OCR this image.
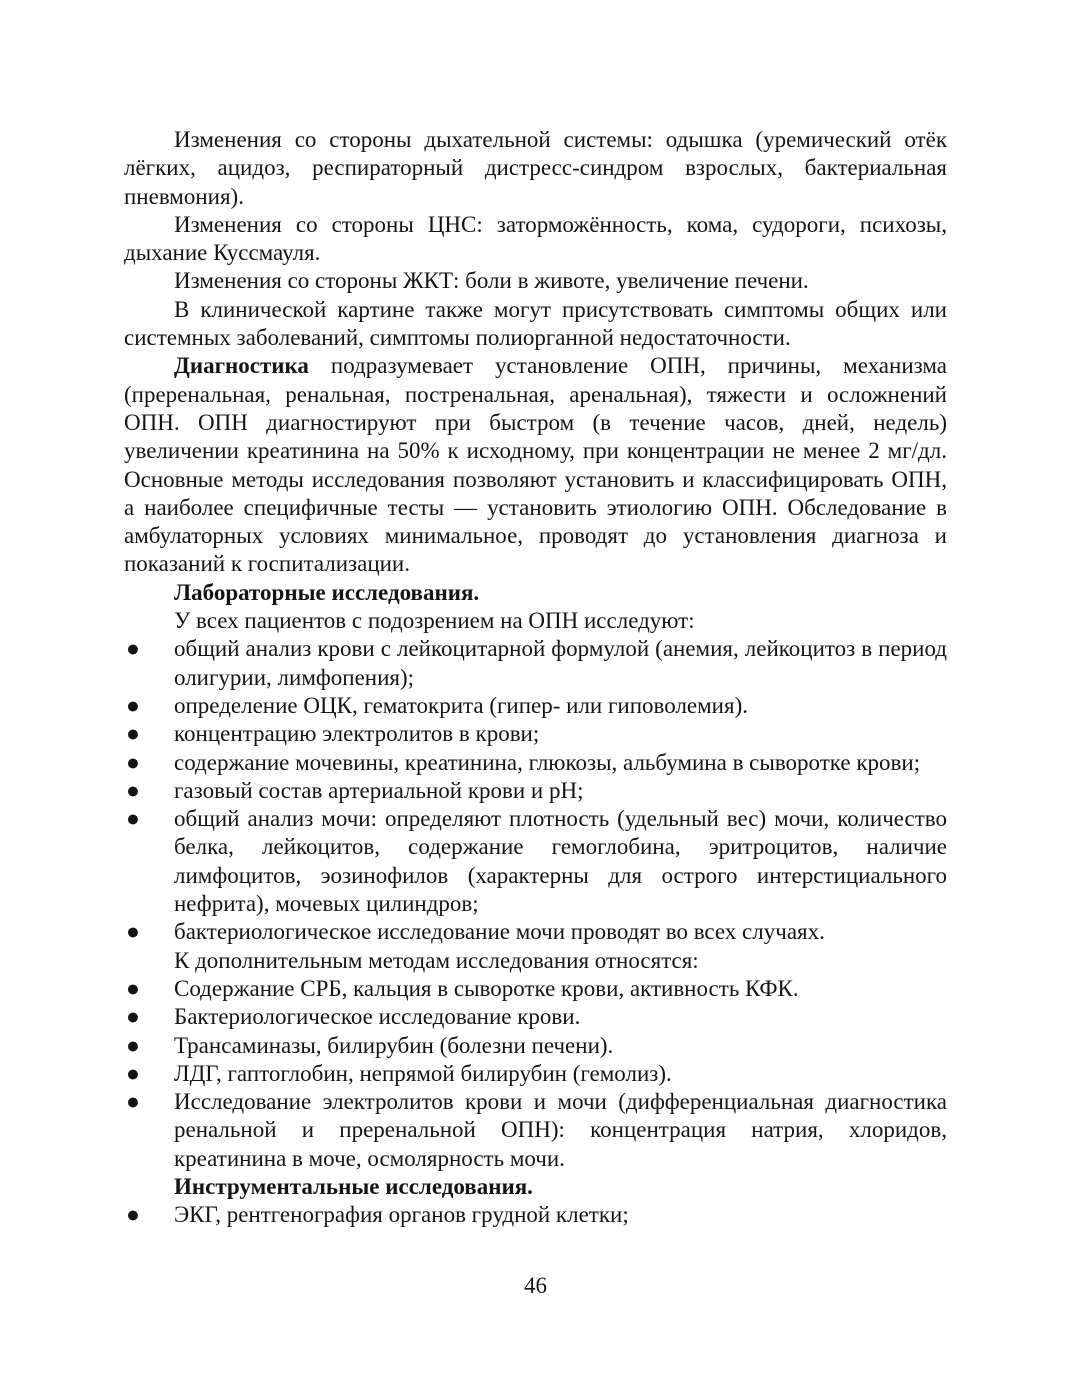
Изменения со стороны дыхательной системы: одышка (уремический отёк лёгких, ацидоз, респираторный дистресс-синдром взрослых, бактериальная пневмония).

Изменения со стороны ЦНС: заторможённость, кома, судороги, психозы, дыхание Куссмауля.

Изменения со стороны ЖКТ: боли в животе, увеличение печени.

В клинической картине также могут присутствовать симптомы общих или системных заболеваний, симптомы полиорганной недостаточности.

Диагностика подразумевает установление ОПН, причины, механизма (преренальная, ренальная, постренальная, аренальная), тяжести и осложнений ОПН. ОПН диагностируют при быстром (в течение часов, дней, недель) увеличении креатинина на 50% к исходному, при концентрации не менее 2 мг/дл. Основные методы исследования позволяют установить и классифицировать ОПН, а наиболее специфичные тесты — установить этиологию ОПН. Обследование в амбулаторных условиях минимальное, проводят до установления диагноза и показаний к госпитализации.

Лабораторные исследования.

У всех пациентов с подозрением на ОПН исследуют:

● общий анализ крови с лейкоцитарной формулой (анемия, лейкоцитоз в период олигурии, лимфопения);
● определение ОЦК, гематокрита (гипер- или гиповолемия).
● концентрацию электролитов в крови;
● содержание мочевины, креатинина, глюкозы, альбумина в сыворотке крови;
● газовый состав артериальной крови и рН;
● общий анализ мочи: определяют плотность (удельный вес) мочи, количество белка, лейкоцитов, содержание гемоглобина, эритроцитов, наличие лимфоцитов, эозинофилов (характерны для острого интерстициального нефрита), мочевых цилиндров;
● бактериологическое исследование мочи проводят во всех случаях.

К дополнительным методам исследования относятся:

● Содержание СРБ, кальция в сыворотке крови, активность КФК.
● Бактериологическое исследование крови.
● Трансаминазы, билирубин (болезни печени).
● ЛДГ, гаптоглобин, непрямой билирубин (гемолиз).
● Исследование электролитов крови и мочи (дифференциальная диагностика ренальной и преренальной ОПН): концентрация натрия, хлоридов, креатинина в моче, осмолярность мочи.

Инструментальные исследования.

● ЭКГ, рентгенография органов грудной клетки;
46
